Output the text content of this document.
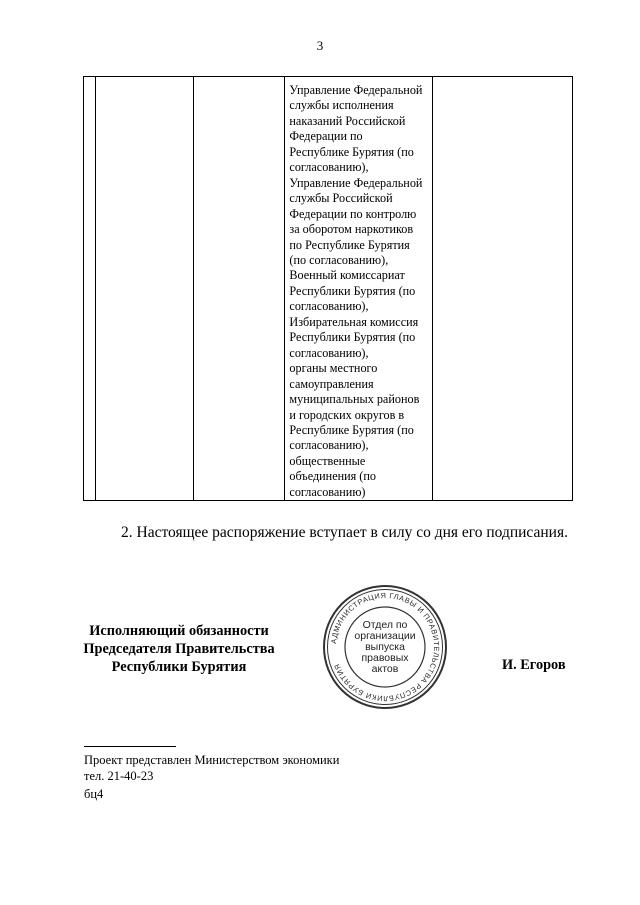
3

Управление Федеральной
службы исполнения
наказаний Российской
Федерации по
Республике Бурятия (по
согласованию),
Управление Федеральной
службы Российской
Федерации по контролю
за оборотом наркотиков
по Республике Бурятия
(по согласованию),
Военный комиссариат
Республики Бурятия (по
согласованию),
Избирательная комиссия
Республики Бурятия (по
согласованию),
органы местного
самоуправления
муниципальных районов
и городских округов в
Республике Бурятия (по
согласованию),
общественные
объединения (по
согласованию)

2. Настоящее распоряжение вступает в силу со дня его подписания.
Исполняющий обязанности
Председателя Правительства
Республики Бурятия
АДМИНИСТРАЦИЯ ГЛАВЫ И ПРАВИТЕЛЬСТВА РЕСПУБЛИКИ БУРЯТИЯ
Отдел по
организации
выпуска
правовых
актов	И. Егоров
Проект представлен Министерством экономики
тел. 21-40-23
бц4
